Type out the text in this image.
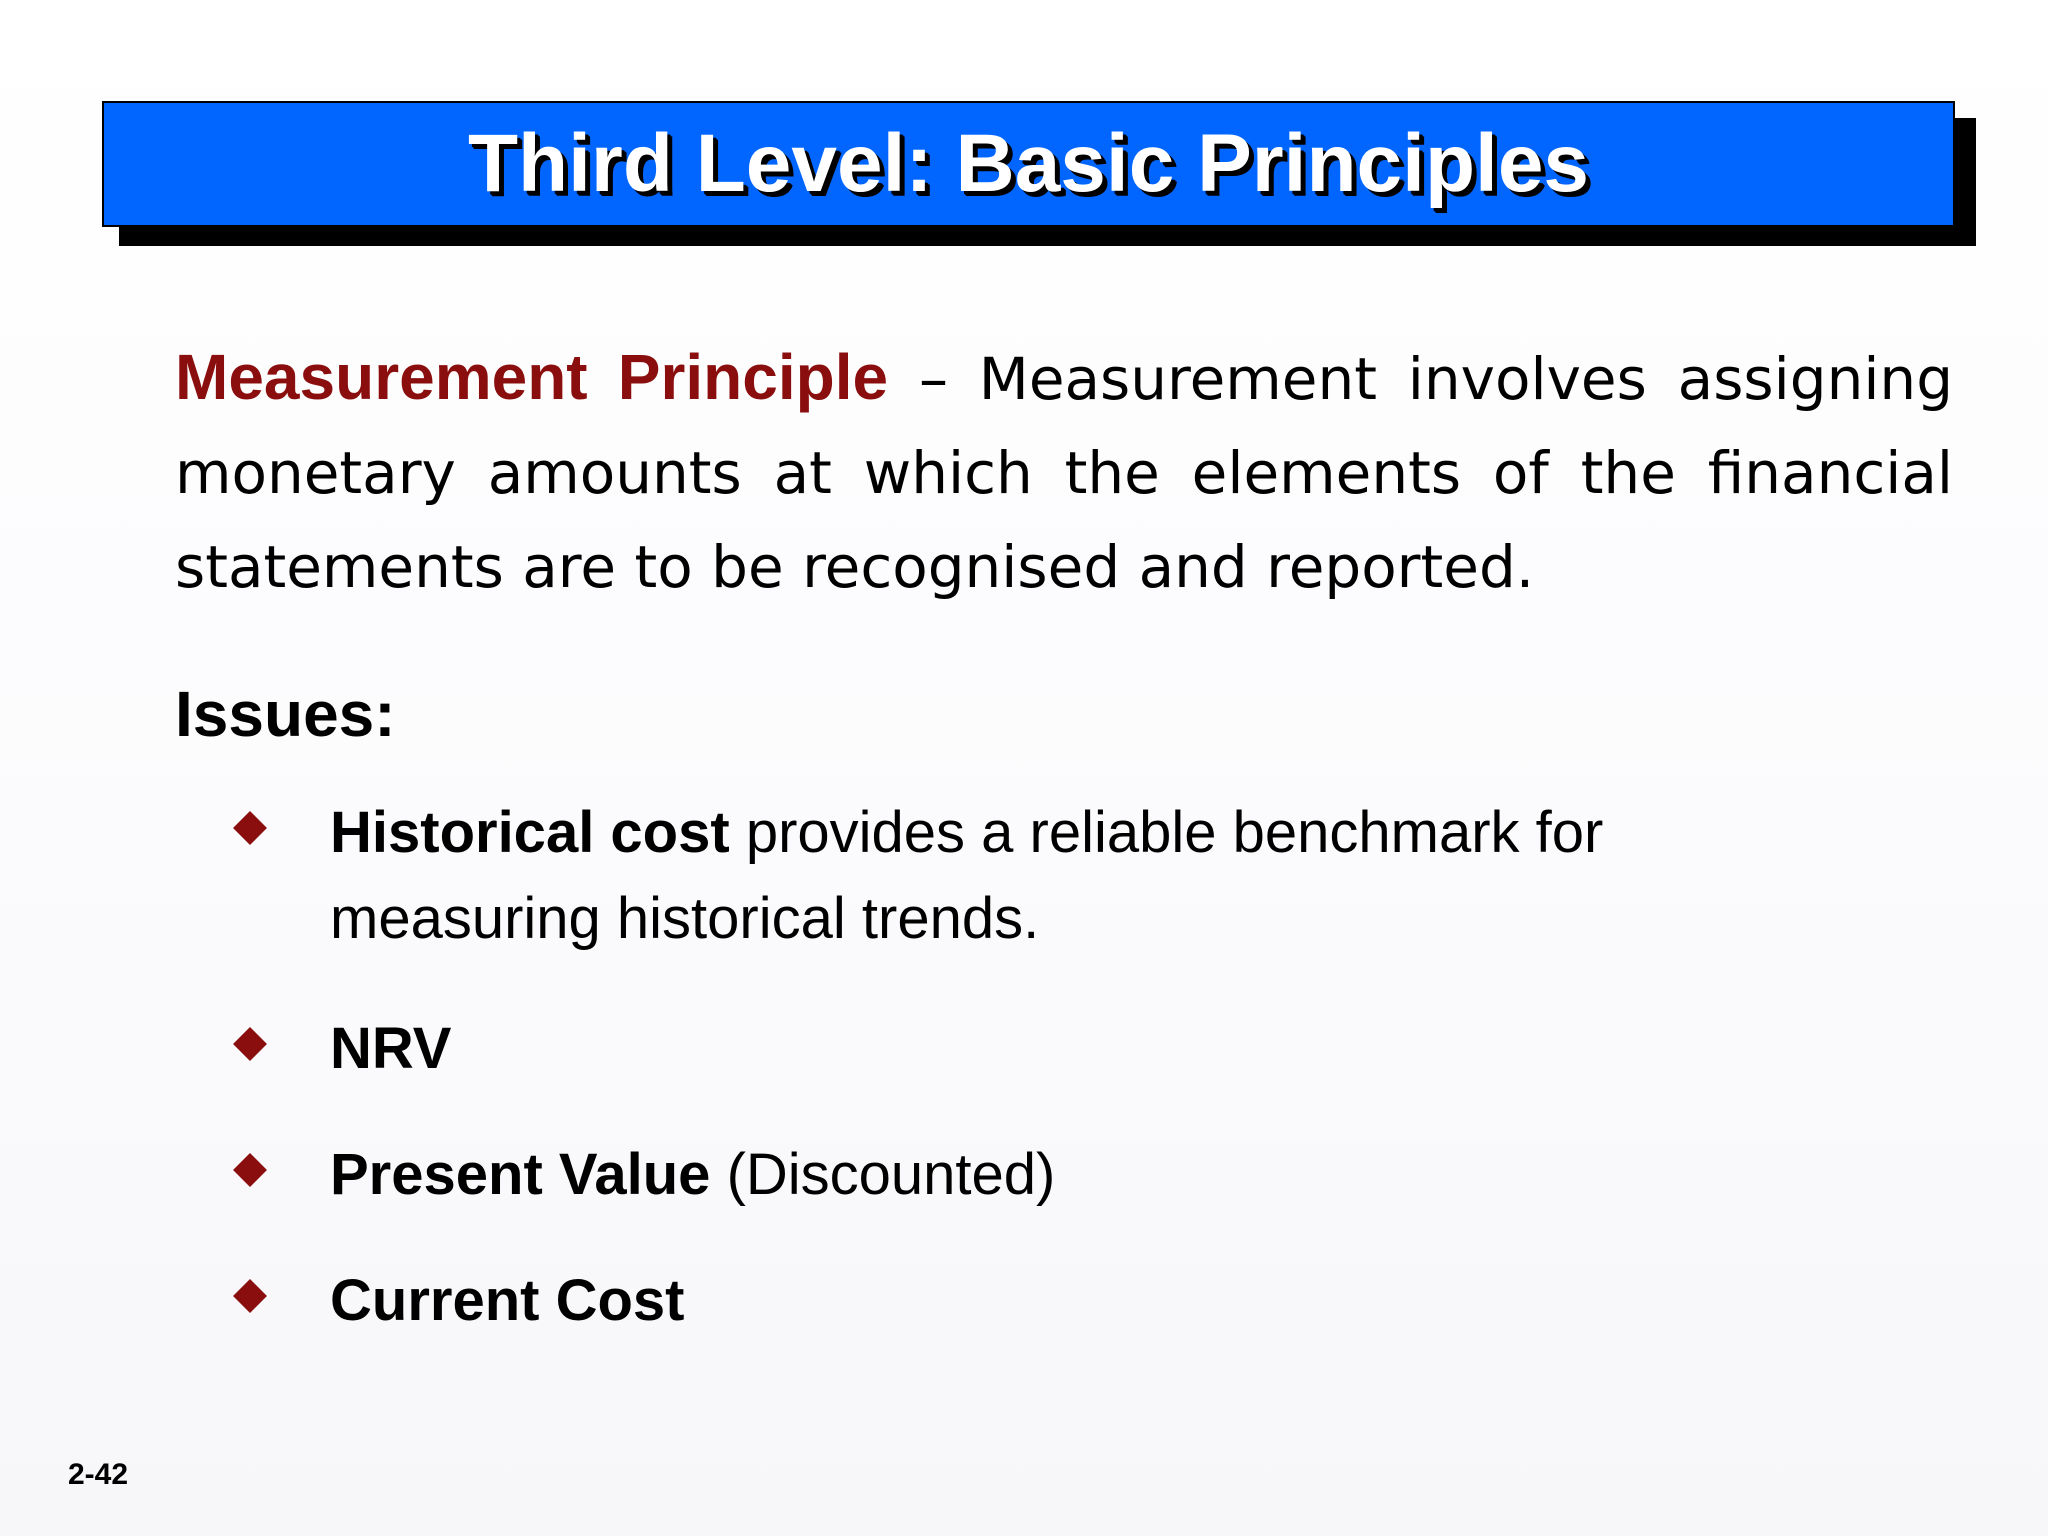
Third Level: Basic Principles
Measurement Principle – Measurement involves assigning monetary amounts at which the elements of the financial statements are to be recognised and reported.
Issues:
Historical cost provides a reliable benchmark for measuring historical trends.
NRV
Present Value (Discounted)
Current Cost
2-42
